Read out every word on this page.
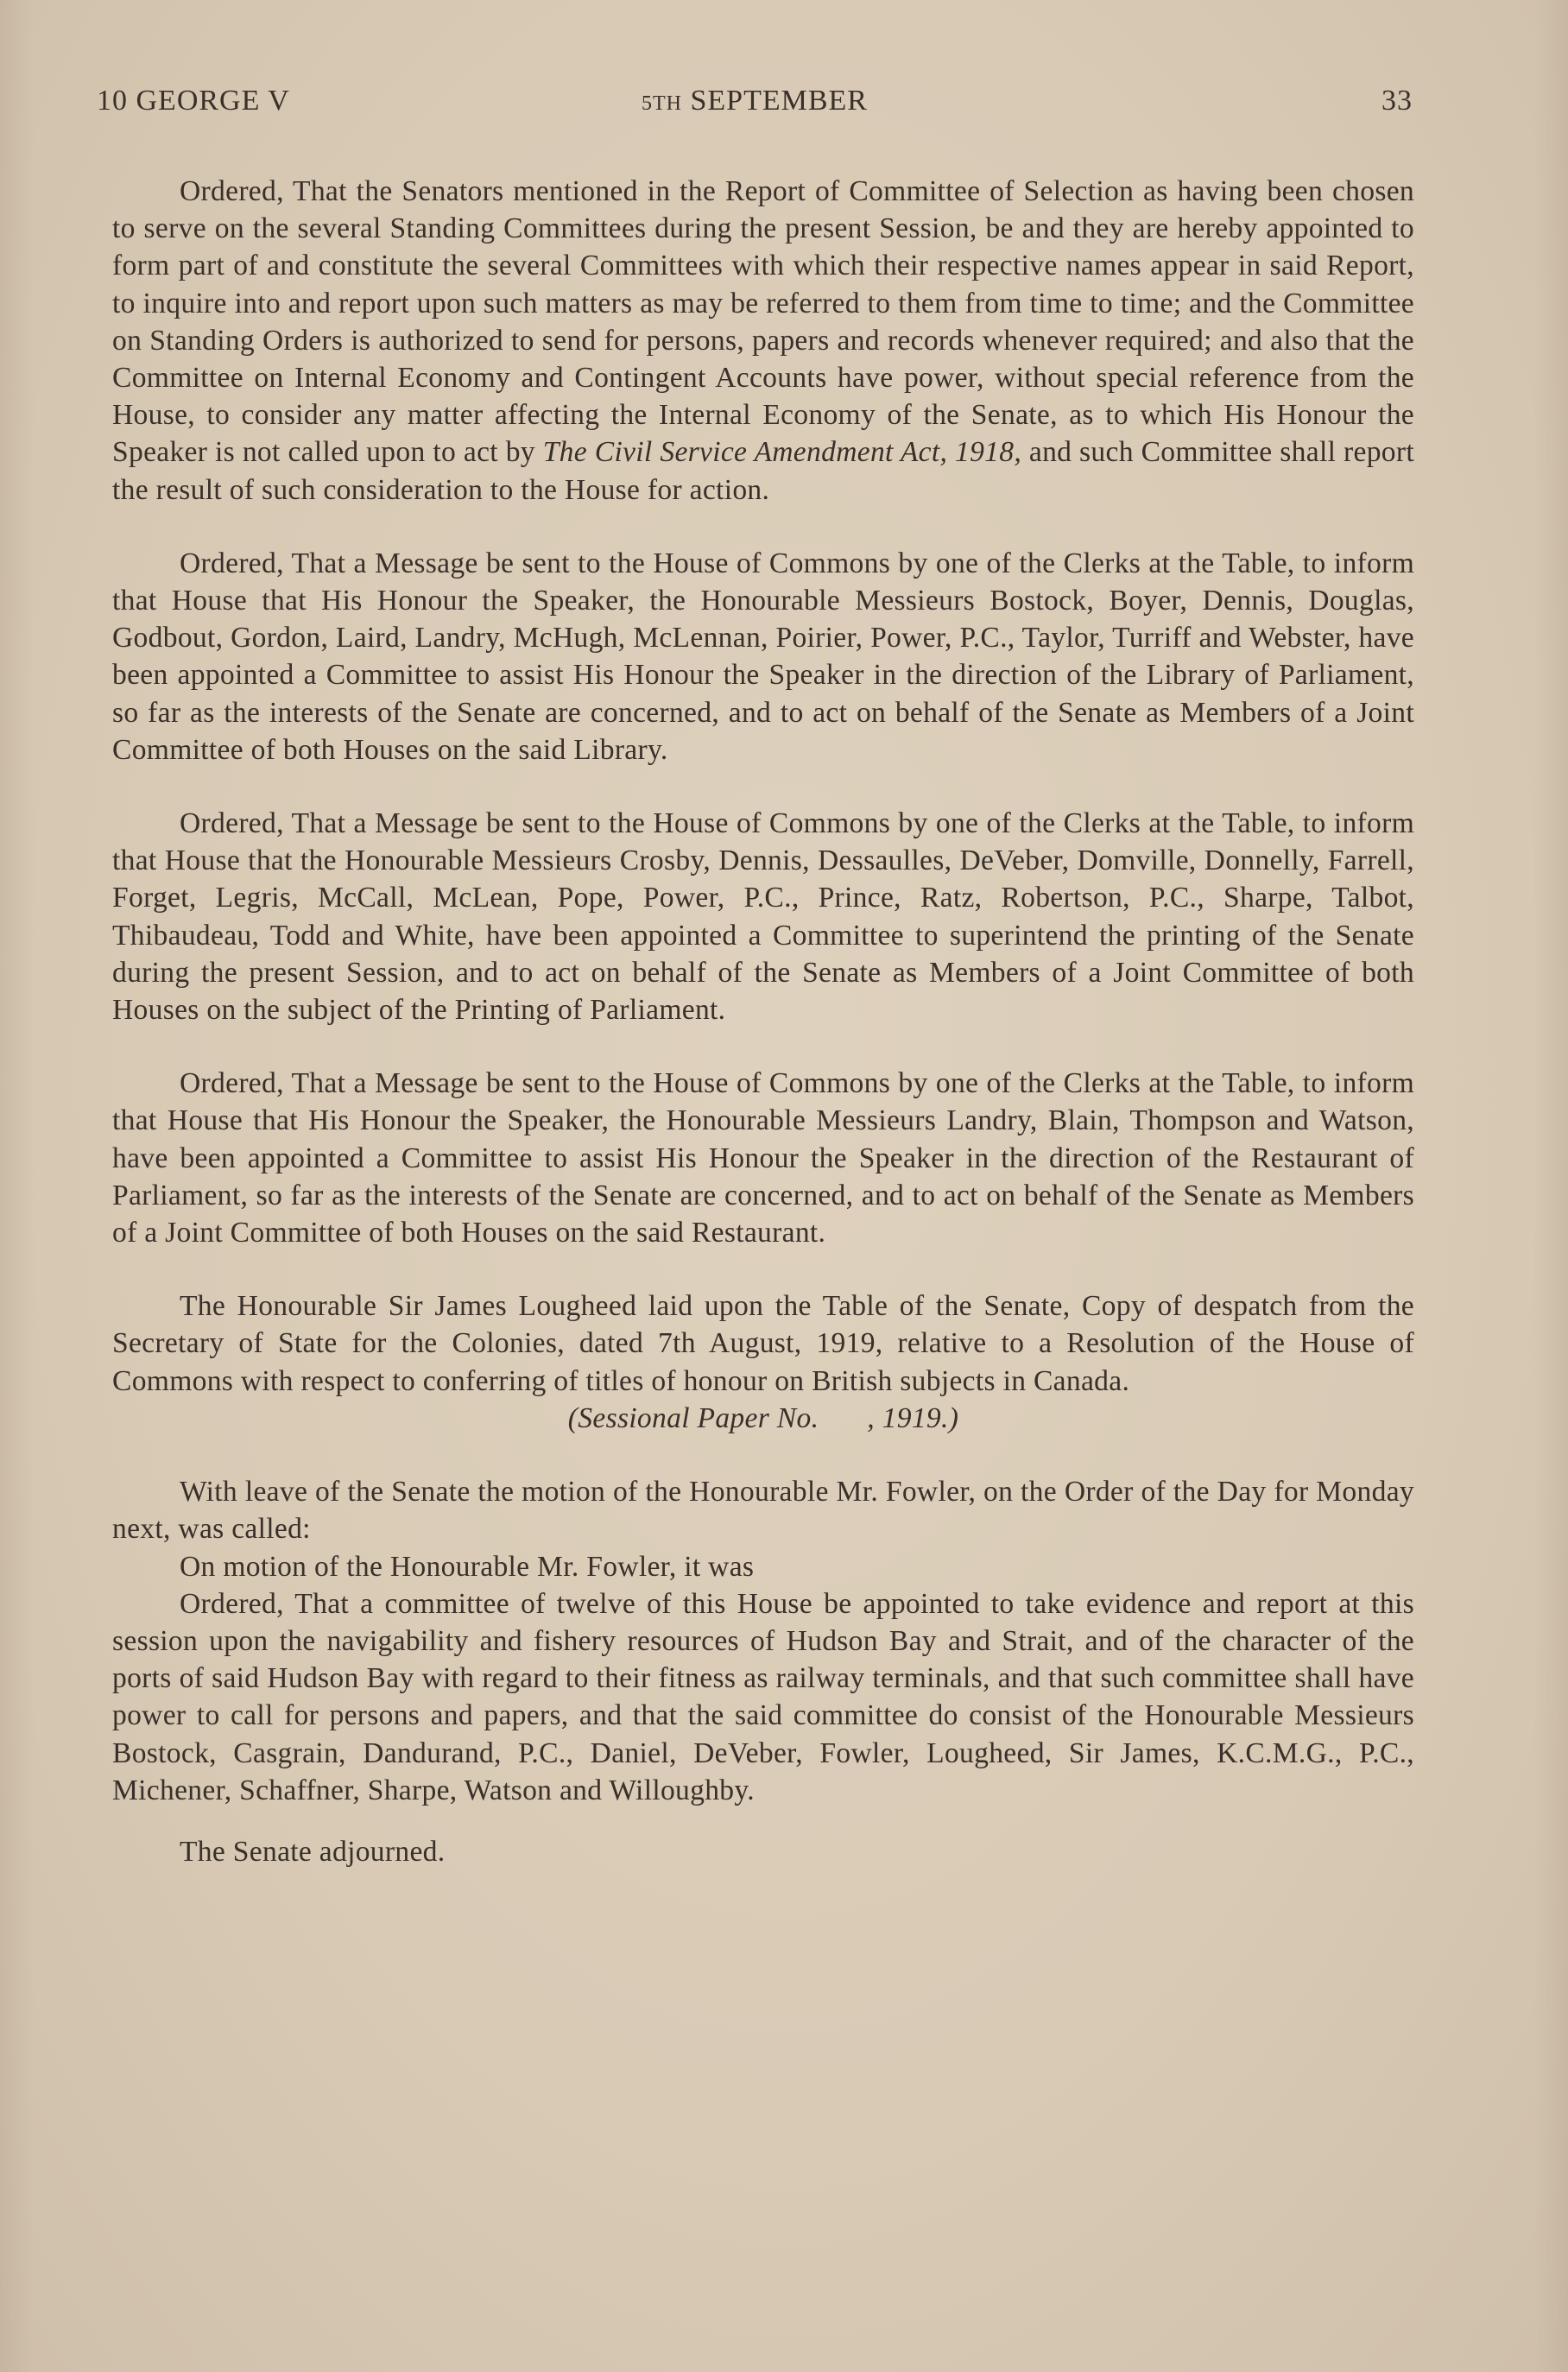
10 GEORGE V	5TH SEPTEMBER	33

Ordered, That the Senators mentioned in the Report of Committee of Selection as having been chosen to serve on the several Standing Committees during the present Session, be and they are hereby appointed to form part of and constitute the several Committees with which their respective names appear in said Report, to inquire into and report upon such matters as may be referred to them from time to time; and the Committee on Standing Orders is authorized to send for persons, papers and records whenever required; and also that the Committee on Internal Economy and Contingent Accounts have power, without special reference from the House, to consider any matter affecting the Internal Economy of the Senate, as to which His Honour the Speaker is not called upon to act by The Civil Service Amendment Act, 1918, and such Committee shall report the result of such consideration to the House for action.

Ordered, That a Message be sent to the House of Commons by one of the Clerks at the Table, to inform that House that His Honour the Speaker, the Honourable Messieurs Bostock, Boyer, Dennis, Douglas, Godbout, Gordon, Laird, Landry, McHugh, McLennan, Poirier, Power, P.C., Taylor, Turriff and Webster, have been appointed a Committee to assist His Honour the Speaker in the direction of the Library of Parliament, so far as the interests of the Senate are concerned, and to act on behalf of the Senate as Members of a Joint Committee of both Houses on the said Library.

Ordered, That a Message be sent to the House of Commons by one of the Clerks at the Table, to inform that House that the Honourable Messieurs Crosby, Dennis, Dessaulles, DeVeber, Domville, Donnelly, Farrell, Forget, Legris, McCall, McLean, Pope, Power, P.C., Prince, Ratz, Robertson, P.C., Sharpe, Talbot, Thibaudeau, Todd and White, have been appointed a Committee to superintend the printing of the Senate during the present Session, and to act on behalf of the Senate as Members of a Joint Committee of both Houses on the subject of the Printing of Parliament.

Ordered, That a Message be sent to the House of Commons by one of the Clerks at the Table, to inform that House that His Honour the Speaker, the Honourable Messieurs Landry, Blain, Thompson and Watson, have been appointed a Committee to assist His Honour the Speaker in the direction of the Restaurant of Parliament, so far as the interests of the Senate are concerned, and to act on behalf of the Senate as Members of a Joint Committee of both Houses on the said Restaurant.

The Honourable Sir James Lougheed laid upon the Table of the Senate, Copy of despatch from the Secretary of State for the Colonies, dated 7th August, 1919, relative to a Resolution of the House of Commons with respect to conferring of titles of honour on British subjects in Canada.

(Sessional Paper No. , 1919.)

With leave of the Senate the motion of the Honourable Mr. Fowler, on the Order of the Day for Monday next, was called:

On motion of the Honourable Mr. Fowler, it was

Ordered, That a committee of twelve of this House be appointed to take evidence and report at this session upon the navigability and fishery resources of Hudson Bay and Strait, and of the character of the ports of said Hudson Bay with regard to their fitness as railway terminals, and that such committee shall have power to call for persons and papers, and that the said committee do consist of the Honourable Messieurs Bostock, Casgrain, Dandurand, P.C., Daniel, DeVeber, Fowler, Lougheed, Sir James, K.C.M.G., P.C., Michener, Schaffner, Sharpe, Watson and Willoughby.

The Senate adjourned.
